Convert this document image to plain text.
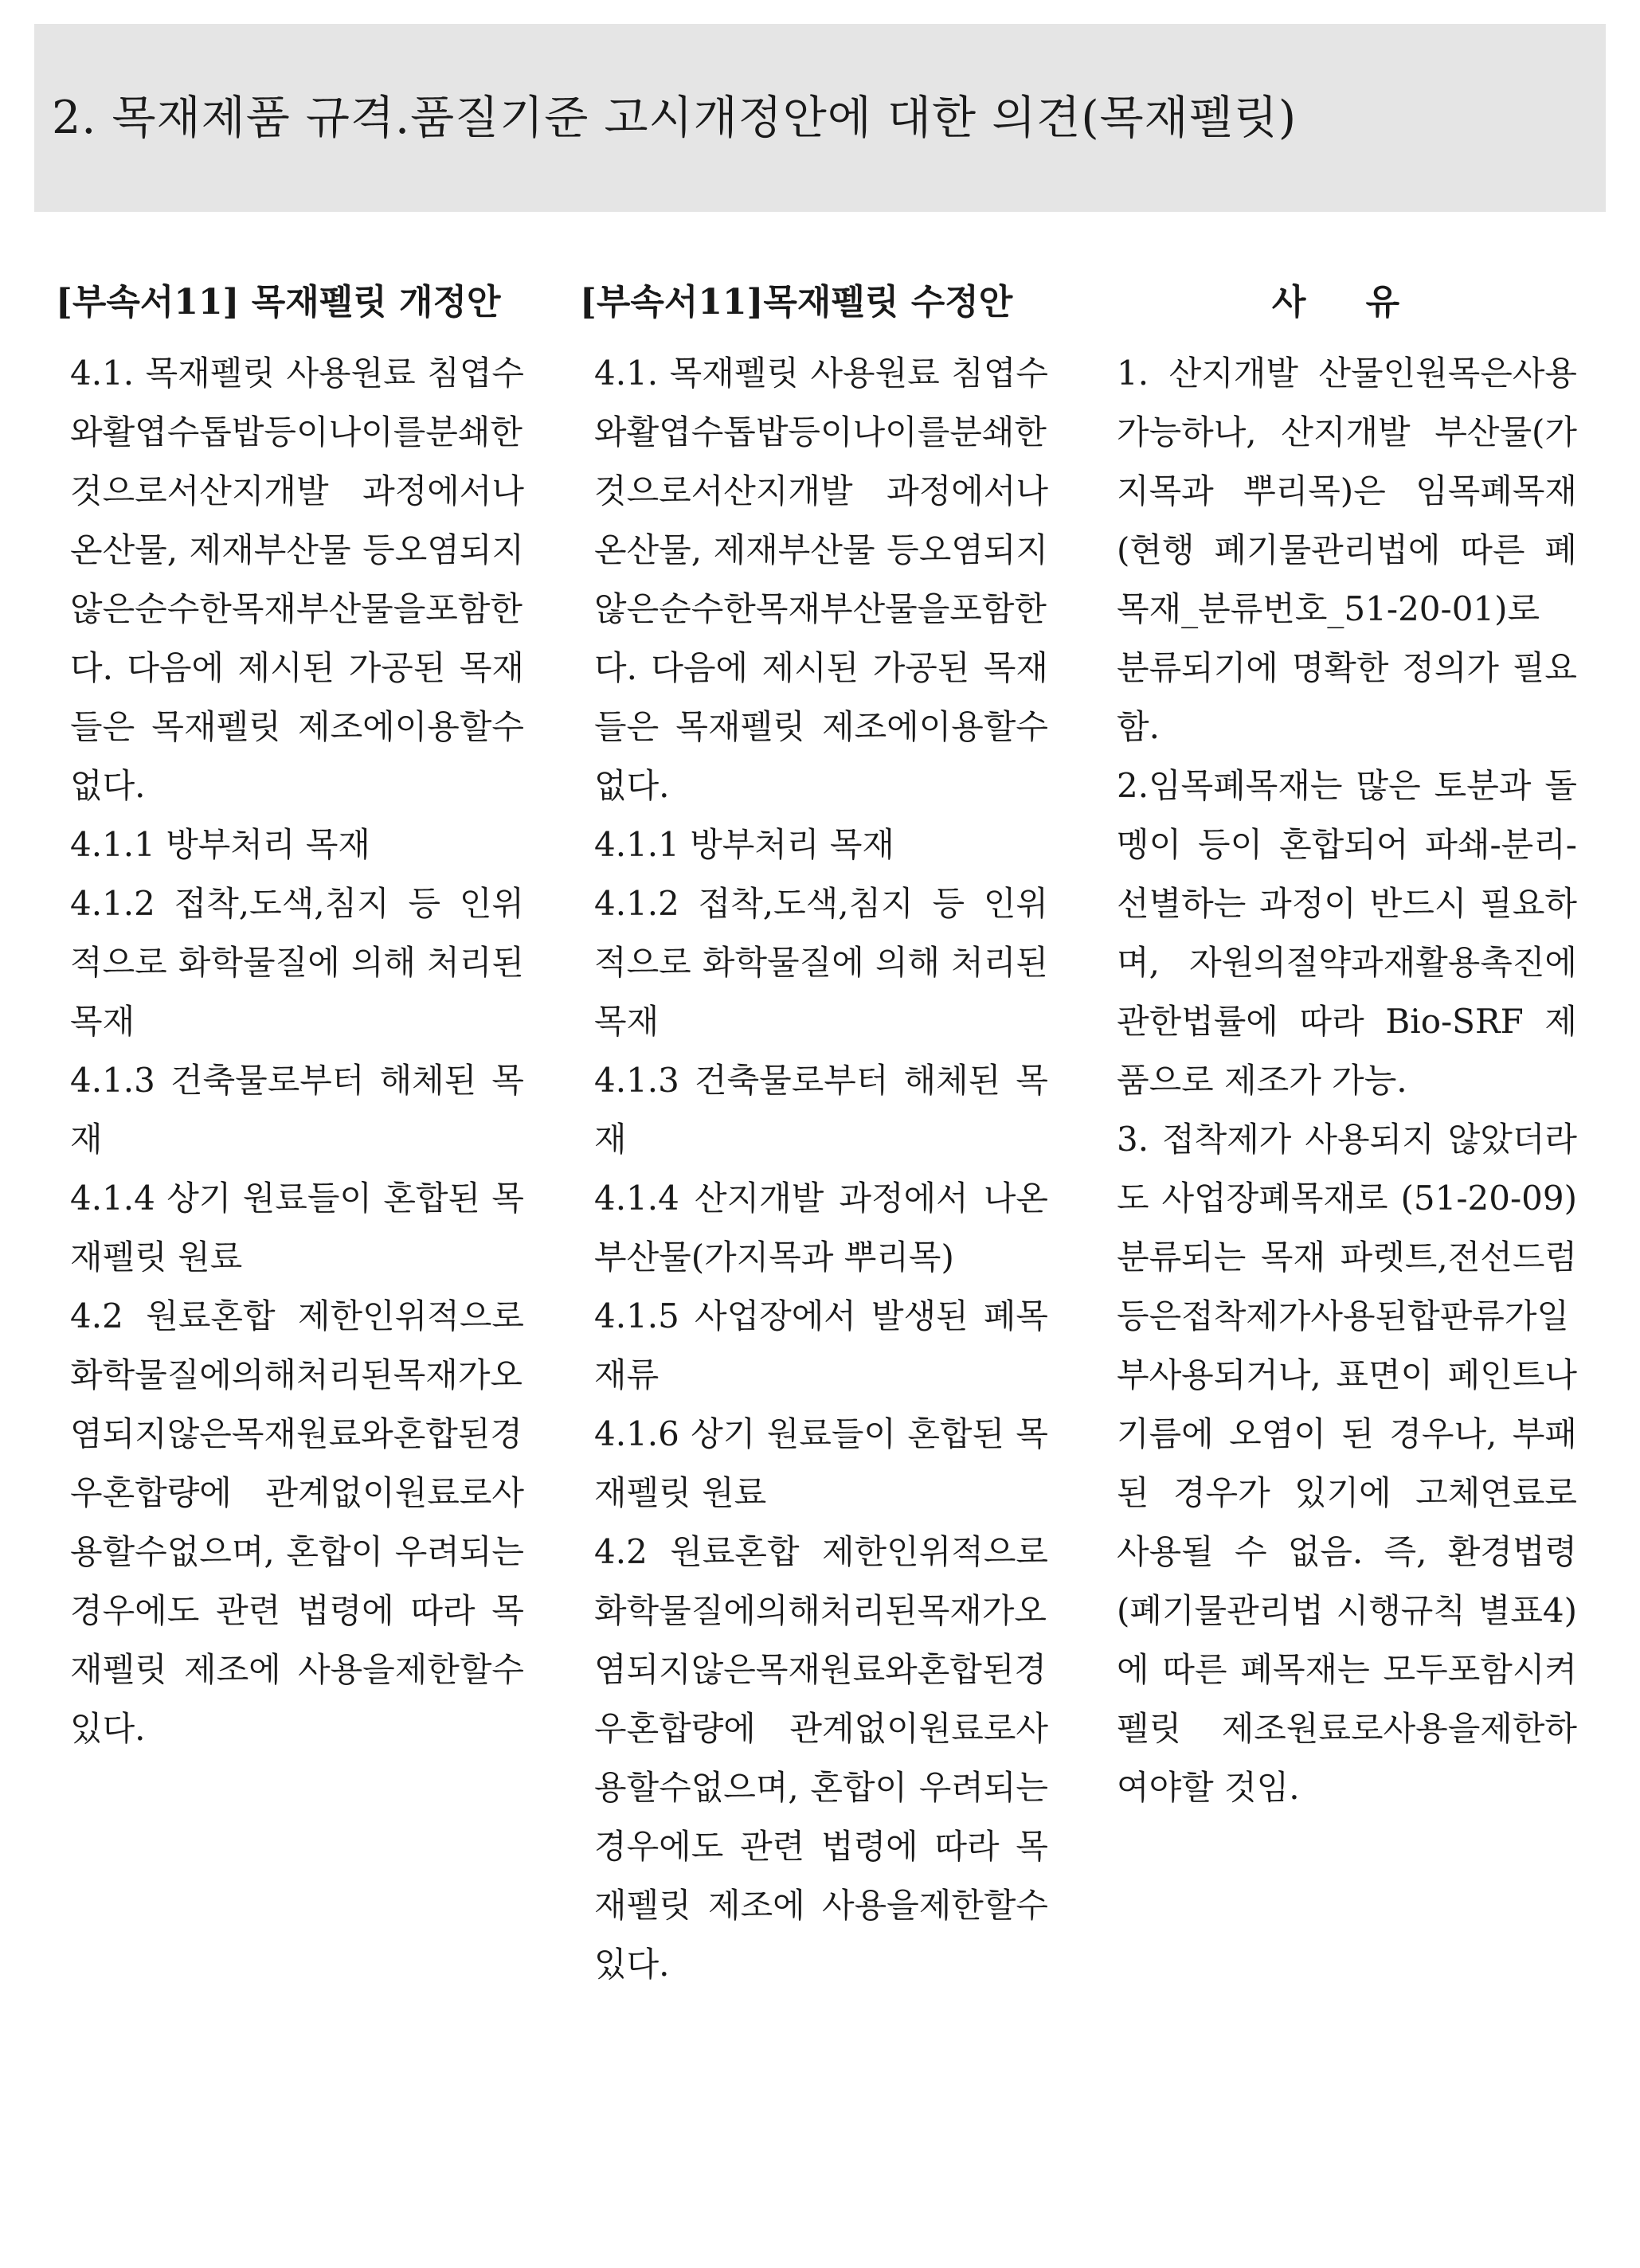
2. 목재제품 규격.품질기준 고시개정안에 대한 의견(목재펠릿)
[부속서11] 목재펠릿 개정안	[부속서11]목재펠릿 수정안	사 유

4.1. 목재펠릿 사용원료 침엽수와활엽수톱밥등이나이를분쇄한것으로서산지개발 과정에서나온산물, 제재부산물 등오염되지않은순수한목재부산물을포함한다. 다음에 제시된 가공된 목재들은 목재펠릿 제조에이용할수없다.

4.1.1 방부처리 목재

4.1.2 접착,도색,침지 등 인위적으로 화학물질에 의해 처리된 목재

4.1.3 건축물로부터 해체된 목재

4.1.4 상기 원료들이 혼합된 목재펠릿 원료

4.2 원료혼합 제한인위적으로화학물질에의해처리된목재가오염되지않은목재원료와혼합된경우혼합량에 관계없이원료로사용할수없으며, 혼합이 우려되는 경우에도 관련 법령에 따라 목재펠릿 제조에 사용을제한할수있다.

4.1. 목재펠릿 사용원료 침엽수와활엽수톱밥등이나이를분쇄한것으로서산지개발 과정에서나온산물, 제재부산물 등오염되지않은순수한목재부산물을포함한다. 다음에 제시된 가공된 목재들은 목재펠릿 제조에이용할수없다.

4.1.1 방부처리 목재

4.1.2 접착,도색,침지 등 인위적으로 화학물질에 의해 처리된 목재

4.1.3 건축물로부터 해체된 목재

4.1.4 산지개발 과정에서 나온부산물(가지목과 뿌리목)

4.1.5 사업장에서 발생된 폐목재류

4.1.6 상기 원료들이 혼합된 목재펠릿 원료

4.2 원료혼합 제한인위적으로화학물질에의해처리된목재가오염되지않은목재원료와혼합된경우혼합량에 관계없이원료로사용할수없으며, 혼합이 우려되는 경우에도 관련 법령에 따라 목재펠릿 제조에 사용을제한할수있다.

1. 산지개발 산물인원목은사용가능하나, 산지개발 부산물(가지목과 뿌리목)은 임목폐목재(현행 폐기물관리법에 따른 폐목재_분류번호_51-20-01)로 분류되기에 명확한 정의가 필요 함.

2.임목폐목재는 많은 토분과 돌멩이 등이 혼합되어 파쇄-분리-선별하는 과정이 반드시 필요하며, 자원의절약과재활용촉진에관한법률에 따라 Bio-SRF 제품으로 제조가 가능.

3. 접착제가 사용되지 않았더라도 사업장폐목재로 (51-20-09) 분류되는 목재 파렛트,전선드럼 등은접착제가사용된합판류가일부사용되거나, 표면이 페인트나 기름에 오염이 된 경우나, 부패된 경우가 있기에 고체연료로 사용될 수 없음. 즉, 환경법령 (폐기물관리법 시행규칙 별표4)에 따른 폐목재는 모두포함시켜펠릿 제조원료로사용을제한하여야할 것임.
